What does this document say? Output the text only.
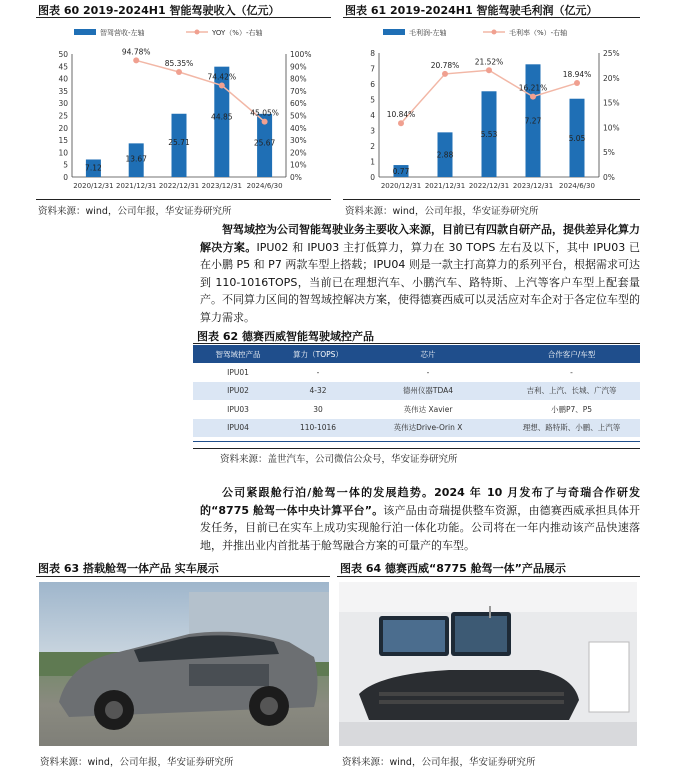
图表 60 2019-2024H1 智能驾驶收入（亿元）
智驾营收-左轴	YOY（%）-右轴
0
5
10
15
20
25
30
35
40
45
50
0%
10%
20%
30%
40%
50%
60%
70%
80%
90%
100%
2020/12/31 2021/12/31 2022/12/31 2023/12/31 2024/6/30
7.12
13.67
25.71
44.85
25.67
94.78%
85.35%
74.42%
45.05%
资料来源：wind，公司年报，华安证券研究所
图表 61 2019-2024H1 智能驾驶毛利润（亿元）
毛利润-左轴	毛利率（%）-右轴
0
1
2
3
4
5
6
7
8
0%
5%
10%
15%
20%
25%
2020/12/31 2021/12/31 2022/12/31 2023/12/31 2024/6/30
0.77
2.88
5.53
7.27
5.05
10.84%
20.78% 21.52%
16.21%
18.94%
资料来源：wind，公司年报，华安证券研究所
智驾域控为公司智能驾驶业务主要收入来源，目前已有四款自研产品，提供差异化算力解决方案。IPU02 和 IPU03 主打低算力，算力在 30 TOPS 左右及以下，其中 IPU03 已在小鹏 P5 和 P7 两款车型上搭载；IPU04 则是一款主打高算力的系列平台，根据需求可达到 110-1016TOPS，当前已在理想汽车、小鹏汽车、路特斯、上汽等客户车型上配套量产。不同算力区间的智驾域控解决方案，使得德赛西威可以灵活应对车企对于各定位车型的算力需求。
图表 62 德赛西威智能驾驶域控产品
智驾域控产品	算力（TOPS）	芯片	合作客户/车型
IPU01	-	-	-
IPU02	4-32	德州仪器TDA4	吉利、上汽、长城、广汽等
IPU03	30	英伟达 Xavier	小鹏P7、P5
IPU04	110-1016	英伟达Drive-Orin X	理想、路特斯、小鹏、上汽等
资料来源：盖世汽车，公司微信公众号，华安证券研究所
公司紧跟舱行泊/舱驾一体的发展趋势。2024 年 10 月发布了与奇瑞合作研发的“8775 舱驾一体中央计算平台”。该产品由奇瑞提供整车资源，由德赛西威承担具体开发任务，目前已在实车上成功实现舱行泊一体化功能。公司将在一年内推动该产品快速落地，并推出业内首批基于舱驾融合方案的可量产的车型。
图表 63 搭载舱驾一体产品 实车展示
资料来源：wind，公司年报，华安证券研究所
图表 64 德赛西威“8775 舱驾一体”产品展示
资料来源：wind，公司年报，华安证券研究所
